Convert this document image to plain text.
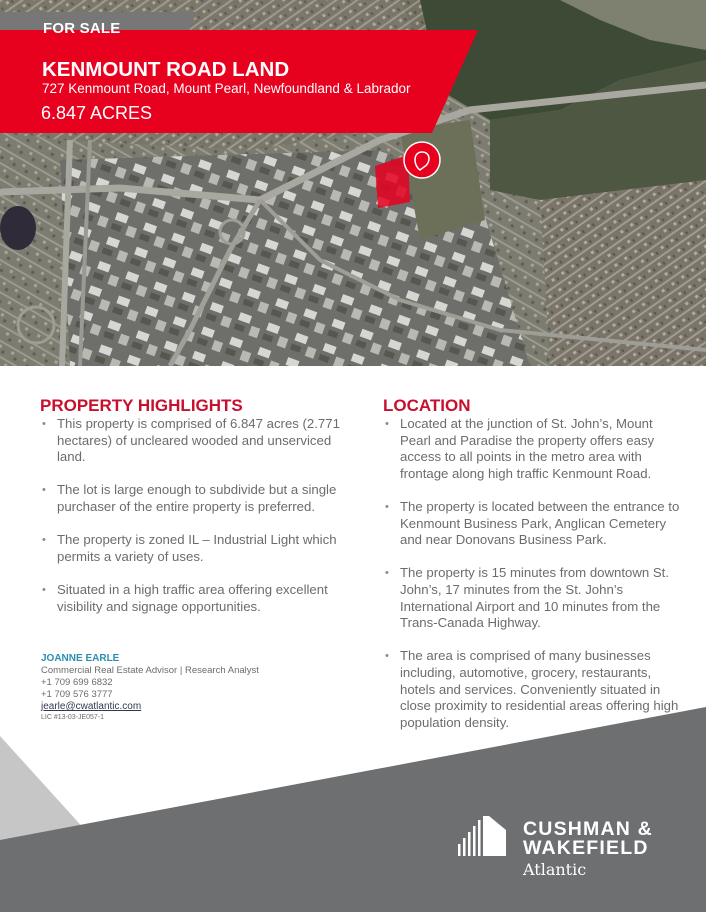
FOR SALE
KENMOUNT ROAD LAND
727 Kenmount Road, Mount Pearl, Newfoundland & Labrador
6.847 ACRES
PROPERTY HIGHLIGHTS
• This property is comprised of 6.847 acres (2.771 hectares) of uncleared wooded and unserviced land.
• The lot is large enough to subdivide but a single purchaser of the entire property is preferred.
• The property is zoned IL – Industrial Light which permits a variety of uses.
• Situated in a high traffic area offering excellent visibility and signage opportunities.
JOANNE EARLE
Commercial Real Estate Advisor | Research Analyst
+1 709 699 6832
+1 709 576 3777
jearle@cwatlantic.com
LIC #13-03-JE057-1
LOCATION
• Located at the junction of St. John’s, Mount Pearl and Paradise the property offers easy access to all points in the metro area with frontage along high traffic Kenmount Road.
• The property is located between the entrance to Kenmount Business Park, Anglican Cemetery and near Donovans Business Park.
• The property is 15 minutes from downtown St. John’s, 17 minutes from the St. John’s International Airport and 10 minutes from the Trans-Canada Highway.
• The area is comprised of many businesses including, automotive, grocery, restaurants, hotels and services. Conveniently situated in close proximity to residential areas offering high population density.
CUSHMAN &
WAKEFIELD
Atlantic
